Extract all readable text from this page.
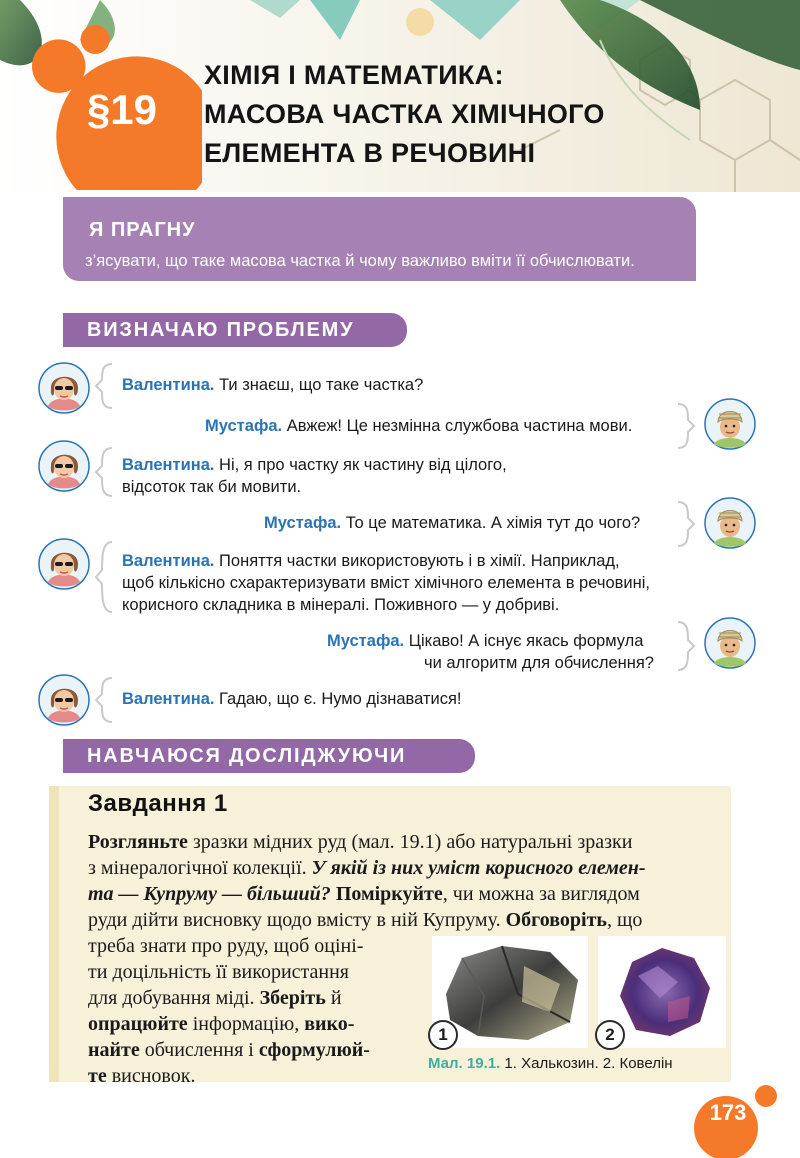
§19
ХІМІЯ І МАТЕМАТИКА:
МАСОВА ЧАСТКА ХІМІЧНОГО
ЕЛЕМЕНТА В РЕЧОВИНІ
Я ПРАГНУ
з’ясувати, що таке масова частка й чому важливо вміти її обчислювати.
ВИЗНАЧАЮ ПРОБЛЕМУ
Валентина. Ти знаєш, що таке частка?
Мустафа. Авжеж! Це незмінна службова частина мови.
Валентина. Ні, я про частку як частину від цілого,
відсоток так би мовити.
Мустафа. То це математика. А хімія тут до чого?
Валентина. Поняття частки використовують і в хімії. Наприклад,
щоб кількісно схарактеризувати вміст хімічного елемента в речовині,
корисного складника в мінералі. Поживного — у добриві.
Мустафа. Цікаво! А існує якась формула
чи алгоритм для обчислення?
Валентина. Гадаю, що є. Нумо дізнаватися!
НАВЧАЮСЯ ДОСЛІДЖУЮЧИ
Завдання 1
Розгляньте зразки мідних руд (мал. 19.1) або натуральні зразки
з мінералогічної колекції. У якій із них уміст корисного елемен-
та — Купруму — більший? Поміркуйте, чи можна за виглядом
руди дійти висновку щодо вмісту в ній Купруму. Обговоріть, що
треба знати про руду, щоб оціні-
ти доцільність її використання
для добування міді. Зберіть й
опрацюйте інформацію, вико-
найте обчислення і сформулюй-
те висновок.
1	2
Мал. 19.1. 1. Халькозин. 2. Ковелін
173
